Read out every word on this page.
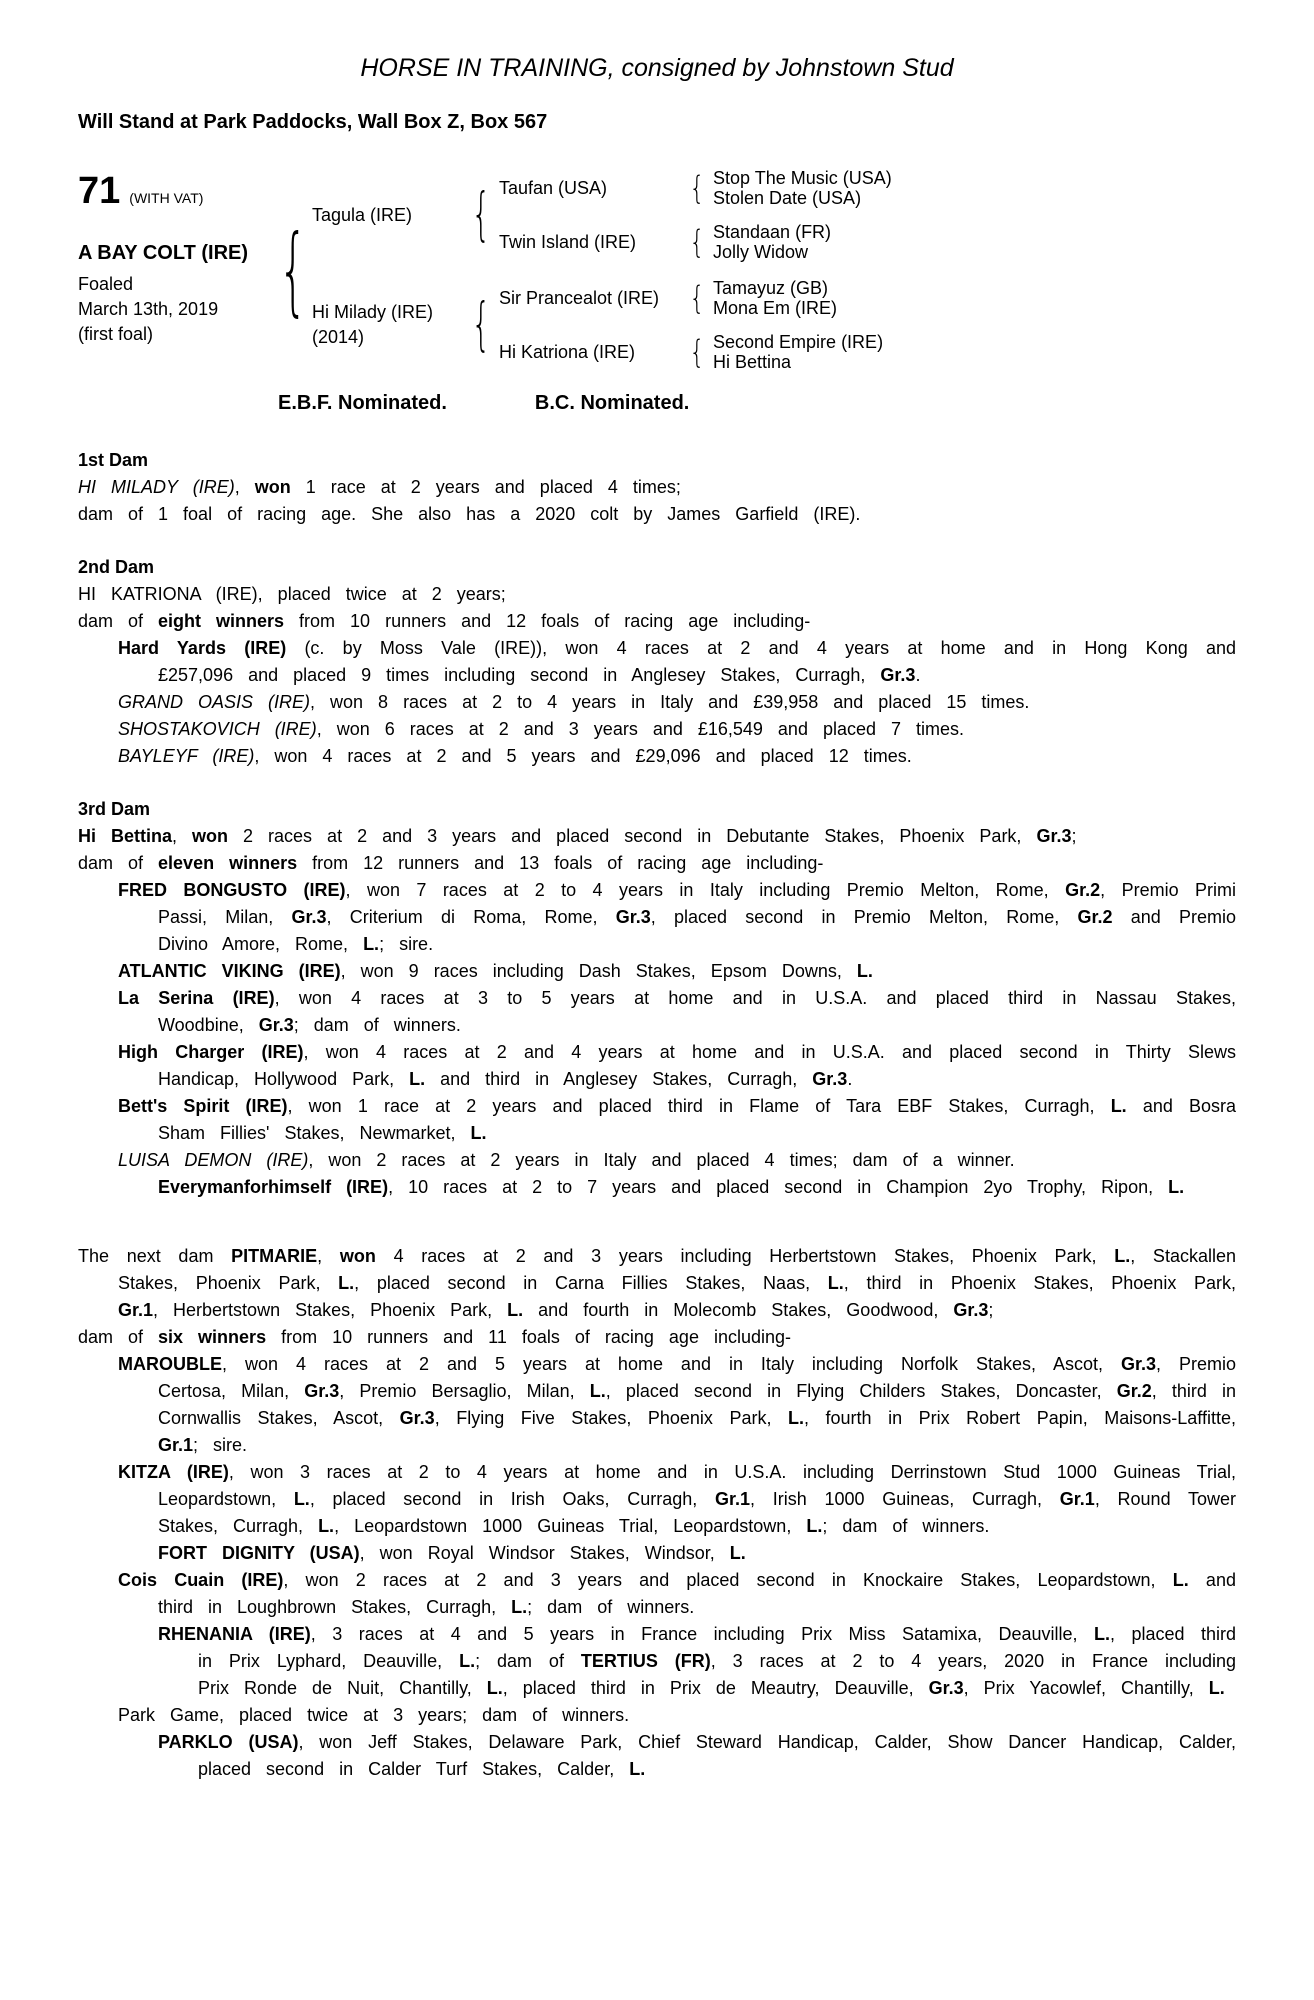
HORSE IN TRAINING, consigned by Johnstown Stud
Will Stand at Park Paddocks, Wall Box Z, Box 567
71 (WITH VAT)
A BAY COLT (IRE)
Foaled
March 13th, 2019
(first foal)
{
Tagula (IRE)
{
Taufan (USA) {	Stop The Music (USA)
Stolen Date (USA)
Twin Island (IRE) {	Standaan (FR)
Jolly Widow
Hi Milady (IRE)
(2014)
{
Sir Prancealot (IRE) {	Tamayuz (GB)
Mona Em (IRE)
Hi Katriona (IRE) {	Second Empire (IRE)
Hi Bettina
E.B.F. Nominated.	B.C. Nominated.
1st Dam

HI MILADY (IRE), won 1 race at 2 years and placed 4 times;

dam of 1 foal of racing age. She also has a 2020 colt by James Garfield (IRE).

2nd Dam

HI KATRIONA (IRE), placed twice at 2 years;

dam of eight winners from 10 runners and 12 foals of racing age including-

Hard Yards (IRE) (c. by Moss Vale (IRE)), won 4 races at 2 and 4 years at home and in Hong Kong and £257,096 and placed 9 times including second in Anglesey Stakes, Curragh, Gr.3.

GRAND OASIS (IRE), won 8 races at 2 to 4 years in Italy and £39,958 and placed 15 times.

SHOSTAKOVICH (IRE), won 6 races at 2 and 3 years and £16,549 and placed 7 times.

BAYLEYF (IRE), won 4 races at 2 and 5 years and £29,096 and placed 12 times.

3rd Dam

Hi Bettina, won 2 races at 2 and 3 years and placed second in Debutante Stakes, Phoenix Park, Gr.3;

dam of eleven winners from 12 runners and 13 foals of racing age including-

FRED BONGUSTO (IRE), won 7 races at 2 to 4 years in Italy including Premio Melton, Rome, Gr.2, Premio Primi Passi, Milan, Gr.3, Criterium di Roma, Rome, Gr.3, placed second in Premio Melton, Rome, Gr.2 and Premio Divino Amore, Rome, L.; sire.

ATLANTIC VIKING (IRE), won 9 races including Dash Stakes, Epsom Downs, L.

La Serina (IRE), won 4 races at 3 to 5 years at home and in U.S.A. and placed third in Nassau Stakes, Woodbine, Gr.3; dam of winners.

High Charger (IRE), won 4 races at 2 and 4 years at home and in U.S.A. and placed second in Thirty Slews Handicap, Hollywood Park, L. and third in Anglesey Stakes, Curragh, Gr.3.

Bett's Spirit (IRE), won 1 race at 2 years and placed third in Flame of Tara EBF Stakes, Curragh, L. and Bosra Sham Fillies' Stakes, Newmarket, L.

LUISA DEMON (IRE), won 2 races at 2 years in Italy and placed 4 times; dam of a winner.

Everymanforhimself (IRE), 10 races at 2 to 7 years and placed second in Champion 2yo Trophy, Ripon, L.

The next dam PITMARIE, won 4 races at 2 and 3 years including Herbertstown Stakes, Phoenix Park, L., Stackallen Stakes, Phoenix Park, L., placed second in Carna Fillies Stakes, Naas, L., third in Phoenix Stakes, Phoenix Park, Gr.1, Herbertstown Stakes, Phoenix Park, L. and fourth in Molecomb Stakes, Goodwood, Gr.3;

dam of six winners from 10 runners and 11 foals of racing age including-

MAROUBLE, won 4 races at 2 and 5 years at home and in Italy including Norfolk Stakes, Ascot, Gr.3, Premio Certosa, Milan, Gr.3, Premio Bersaglio, Milan, L., placed second in Flying Childers Stakes, Doncaster, Gr.2, third in Cornwallis Stakes, Ascot, Gr.3, Flying Five Stakes, Phoenix Park, L., fourth in Prix Robert Papin, Maisons-Laffitte, Gr.1; sire.

KITZA (IRE), won 3 races at 2 to 4 years at home and in U.S.A. including Derrinstown Stud 1000 Guineas Trial, Leopardstown, L., placed second in Irish Oaks, Curragh, Gr.1, Irish 1000 Guineas, Curragh, Gr.1, Round Tower Stakes, Curragh, L., Leopardstown 1000 Guineas Trial, Leopardstown, L.; dam of winners.

FORT DIGNITY (USA), won Royal Windsor Stakes, Windsor, L.

Cois Cuain (IRE), won 2 races at 2 and 3 years and placed second in Knockaire Stakes, Leopardstown, L. and third in Loughbrown Stakes, Curragh, L.; dam of winners.

RHENANIA (IRE), 3 races at 4 and 5 years in France including Prix Miss Satamixa, Deauville, L., placed third in Prix Lyphard, Deauville, L.; dam of TERTIUS (FR), 3 races at 2 to 4 years, 2020 in France including Prix Ronde de Nuit, Chantilly, L., placed third in Prix de Meautry, Deauville, Gr.3, Prix Yacowlef, Chantilly, L.

Park Game, placed twice at 3 years; dam of winners.

PARKLO (USA), won Jeff Stakes, Delaware Park, Chief Steward Handicap, Calder, Show Dancer Handicap, Calder, placed second in Calder Turf Stakes, Calder, L.
